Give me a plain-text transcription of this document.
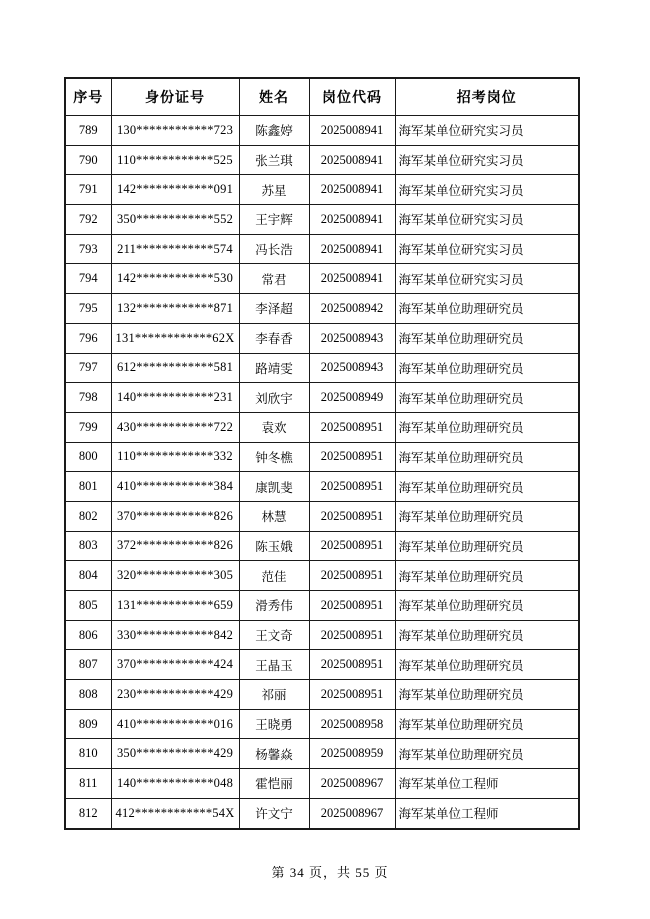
序号	身份证号	姓名	岗位代码	招考岗位
789	130************723	陈鑫婷	2025008941	海军某单位研究实习员
790	110************525	张兰琪	2025008941	海军某单位研究实习员
791	142************091	苏星	2025008941	海军某单位研究实习员
792	350************552	王宇辉	2025008941	海军某单位研究实习员
793	211************574	冯长浩	2025008941	海军某单位研究实习员
794	142************530	常君	2025008941	海军某单位研究实习员
795	132************871	李泽超	2025008942	海军某单位助理研究员
796	131************62X	李春香	2025008943	海军某单位助理研究员
797	612************581	路靖雯	2025008943	海军某单位助理研究员
798	140************231	刘欣宇	2025008949	海军某单位助理研究员
799	430************722	袁欢	2025008951	海军某单位助理研究员
800	110************332	钟冬樵	2025008951	海军某单位助理研究员
801	410************384	康凯斐	2025008951	海军某单位助理研究员
802	370************826	林慧	2025008951	海军某单位助理研究员
803	372************826	陈玉娥	2025008951	海军某单位助理研究员
804	320************305	范佳	2025008951	海军某单位助理研究员
805	131************659	滑秀伟	2025008951	海军某单位助理研究员
806	330************842	王文奇	2025008951	海军某单位助理研究员
807	370************424	王晶玉	2025008951	海军某单位助理研究员
808	230************429	祁丽	2025008951	海军某单位助理研究员
809	410************016	王晓勇	2025008958	海军某单位助理研究员
810	350************429	杨馨焱	2025008959	海军某单位助理研究员
811	140************048	霍恺丽	2025008967	海军某单位工程师
812	412************54X	许文宁	2025008967	海军某单位工程师
第 34 页，共 55 页
